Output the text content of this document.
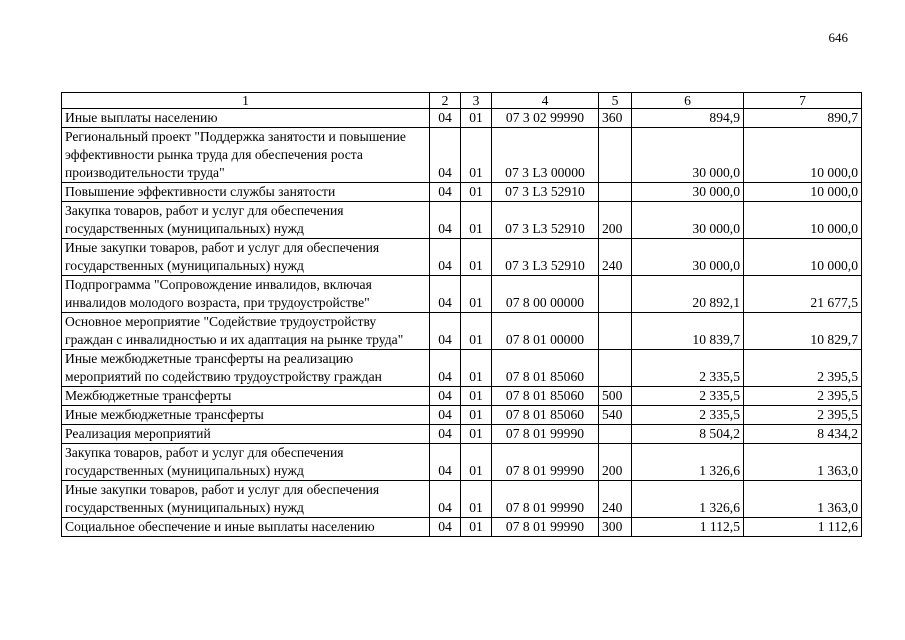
646
1	2	3	4	5	6	7
Иные выплаты населению	04	01	07 3 02 99990	360	894,9	890,7
Региональный проект "Поддержка занятости и повышение эффективности рынка труда для обеспечения роста производительности труда"	04	01	07 3 L3 00000		30 000,0	10 000,0
Повышение эффективности службы занятости	04	01	07 3 L3 52910		30 000,0	10 000,0
Закупка товаров, работ и услуг для обеспечения государственных (муниципальных) нужд	04	01	07 3 L3 52910	200	30 000,0	10 000,0
Иные закупки товаров, работ и услуг для обеспечения государственных (муниципальных) нужд	04	01	07 3 L3 52910	240	30 000,0	10 000,0
Подпрограмма "Сопровождение инвалидов, включая инвалидов молодого возраста, при трудоустройстве"	04	01	07 8 00 00000		20 892,1	21 677,5
Основное мероприятие "Содействие трудоустройству граждан с инвалидностью и их адаптация на рынке труда"	04	01	07 8 01 00000		10 839,7	10 829,7
Иные межбюджетные трансферты на реализацию мероприятий по содействию трудоустройству граждан	04	01	07 8 01 85060		2 335,5	2 395,5
Межбюджетные трансферты	04	01	07 8 01 85060	500	2 335,5	2 395,5
Иные межбюджетные трансферты	04	01	07 8 01 85060	540	2 335,5	2 395,5
Реализация мероприятий	04	01	07 8 01 99990		8 504,2	8 434,2
Закупка товаров, работ и услуг для обеспечения государственных (муниципальных) нужд	04	01	07 8 01 99990	200	1 326,6	1 363,0
Иные закупки товаров, работ и услуг для обеспечения государственных (муниципальных) нужд	04	01	07 8 01 99990	240	1 326,6	1 363,0
Социальное обеспечение и иные выплаты населению	04	01	07 8 01 99990	300	1 112,5	1 112,6
